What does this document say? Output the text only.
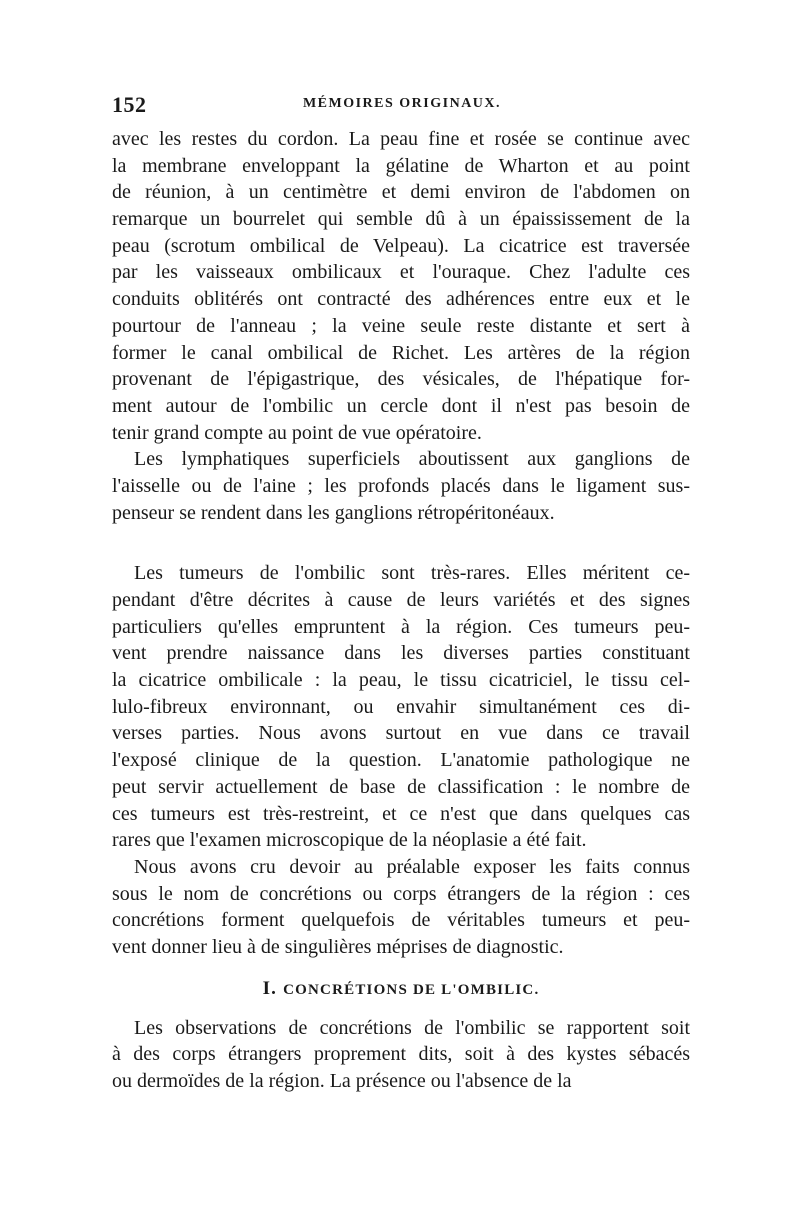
152	MÉMOIRES ORIGINAUX.
avec les restes du cordon. La peau fine et rosée se continue avec
la membrane enveloppant la gélatine de Wharton et au point
de réunion, à un centimètre et demi environ de l'abdomen on
remarque un bourrelet qui semble dû à un épaississement de la
peau (scrotum ombilical de Velpeau). La cicatrice est traversée
par les vaisseaux ombilicaux et l'ouraque. Chez l'adulte ces
conduits oblitérés ont contracté des adhérences entre eux et le
pourtour de l'anneau ; la veine seule reste distante et sert à
former le canal ombilical de Richet. Les artères de la région
provenant de l'épigastrique, des vésicales, de l'hépatique for-
ment autour de l'ombilic un cercle dont il n'est pas besoin de
tenir grand compte au point de vue opératoire.
Les lymphatiques superficiels aboutissent aux ganglions de
l'aisselle ou de l'aine ; les profonds placés dans le ligament sus-
penseur se rendent dans les ganglions rétropéritonéaux.
Les tumeurs de l'ombilic sont très-rares. Elles méritent ce-
pendant d'être décrites à cause de leurs variétés et des signes
particuliers qu'elles empruntent à la région. Ces tumeurs peu-
vent prendre naissance dans les diverses parties constituant
la cicatrice ombilicale : la peau, le tissu cicatriciel, le tissu cel-
lulo-fibreux environnant, ou envahir simultanément ces di-
verses parties. Nous avons surtout en vue dans ce travail
l'exposé clinique de la question. L'anatomie pathologique ne
peut servir actuellement de base de classification : le nombre de
ces tumeurs est très-restreint, et ce n'est que dans quelques cas
rares que l'examen microscopique de la néoplasie a été fait.
Nous avons cru devoir au préalable exposer les faits connus
sous le nom de concrétions ou corps étrangers de la région : ces
concrétions forment quelquefois de véritables tumeurs et peu-
vent donner lieu à de singulières méprises de diagnostic.
I. CONCRÉTIONS DE L'OMBILIC.
Les observations de concrétions de l'ombilic se rapportent soit
à des corps étrangers proprement dits, soit à des kystes sébacés
ou dermoïdes de la région. La présence ou l'absence de la
